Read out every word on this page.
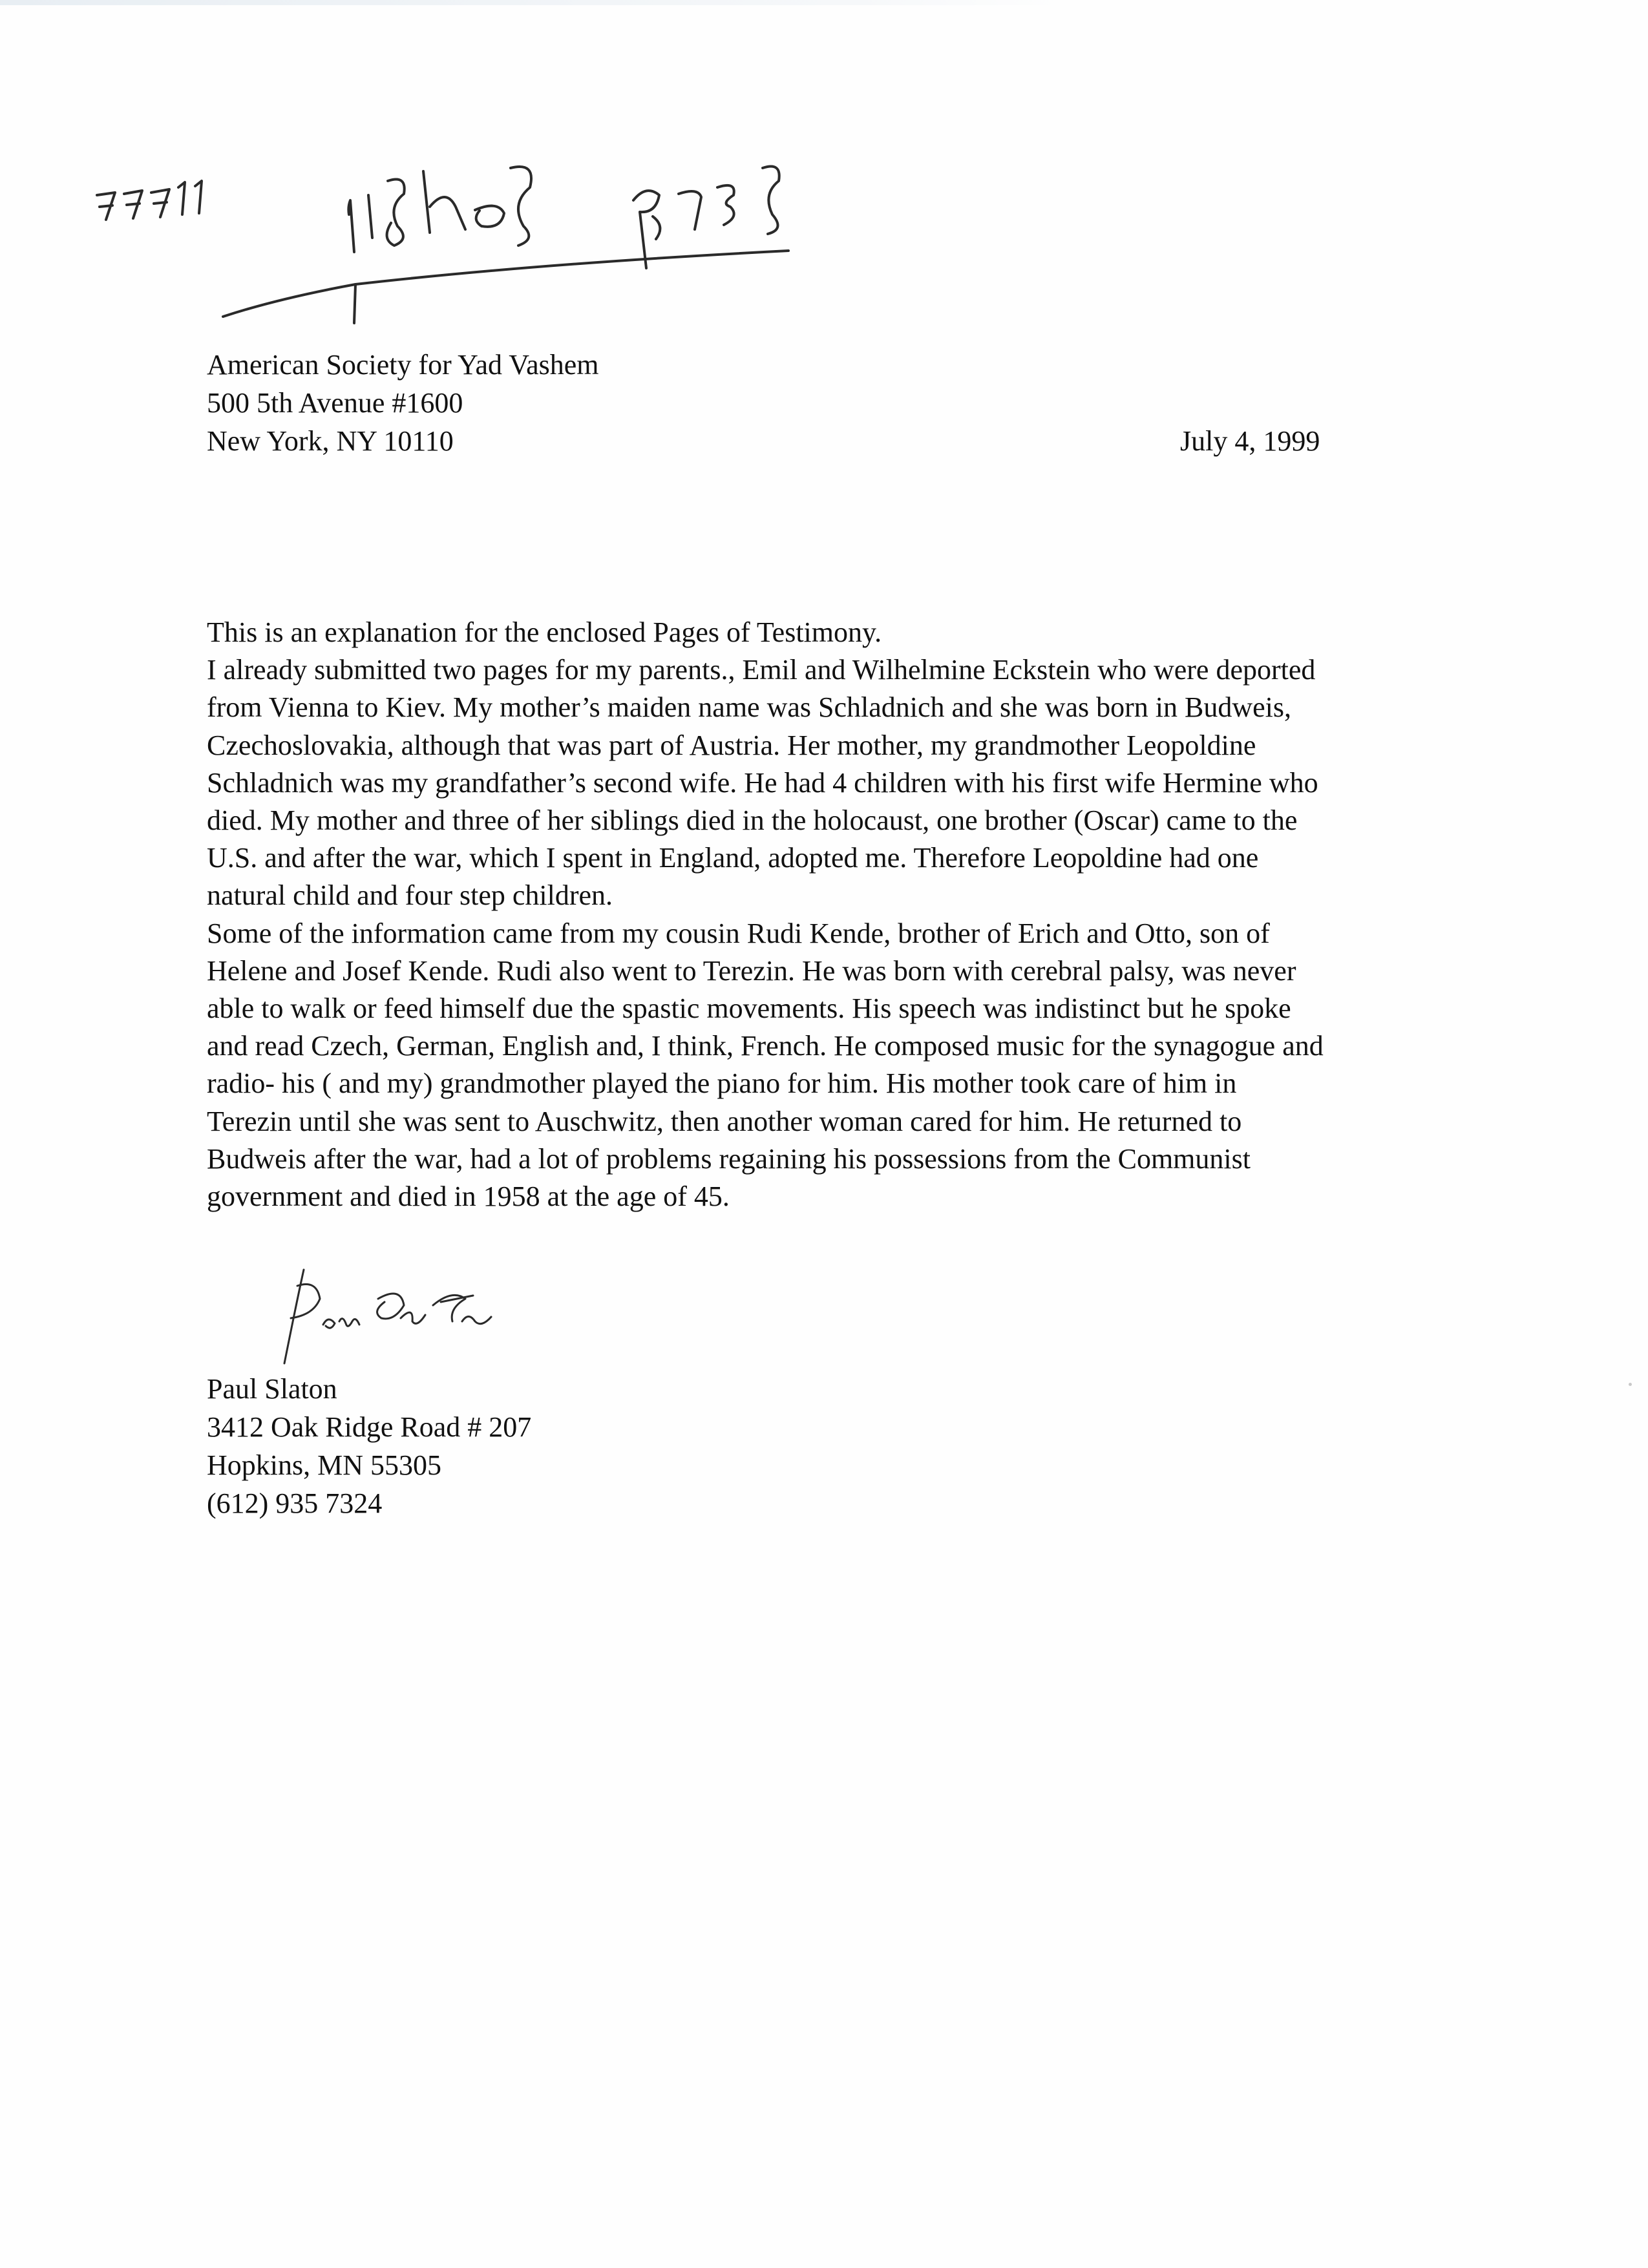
American Society for Yad Vashem
500 5th Avenue #1600
New York, NY 10110	July 4, 1999
This is an explanation for the enclosed Pages of Testimony.
I already submitted two pages for my parents., Emil and Wilhelmine Eckstein who were deported
from Vienna to Kiev. My mother’s maiden name was Schladnich and she was born in Budweis,
Czechoslovakia, although that was part of Austria. Her mother, my grandmother Leopoldine
Schladnich was my grandfather’s second wife. He had 4 children with his first wife Hermine who
died. My mother and three of her siblings died in the holocaust, one brother (Oscar) came to the
U.S. and after the war, which I spent in England, adopted me. Therefore Leopoldine had one
natural child and four step children.
Some of the information came from my cousin Rudi Kende, brother of Erich and Otto, son of
Helene and Josef Kende. Rudi also went to Terezin. He was born with cerebral palsy, was never
able to walk or feed himself due the spastic movements. His speech was indistinct but he spoke
and read Czech, German, English and, I think, French. He composed music for the synagogue and
radio- his ( and my) grandmother played the piano for him. His mother took care of him in
Terezin until she was sent to Auschwitz, then another woman cared for him. He returned to
Budweis after the war, had a lot of problems regaining his possessions from the Communist
government and died in 1958 at the age of 45.
Paul Slaton
3412 Oak Ridge Road # 207
Hopkins, MN 55305
(612) 935 7324
